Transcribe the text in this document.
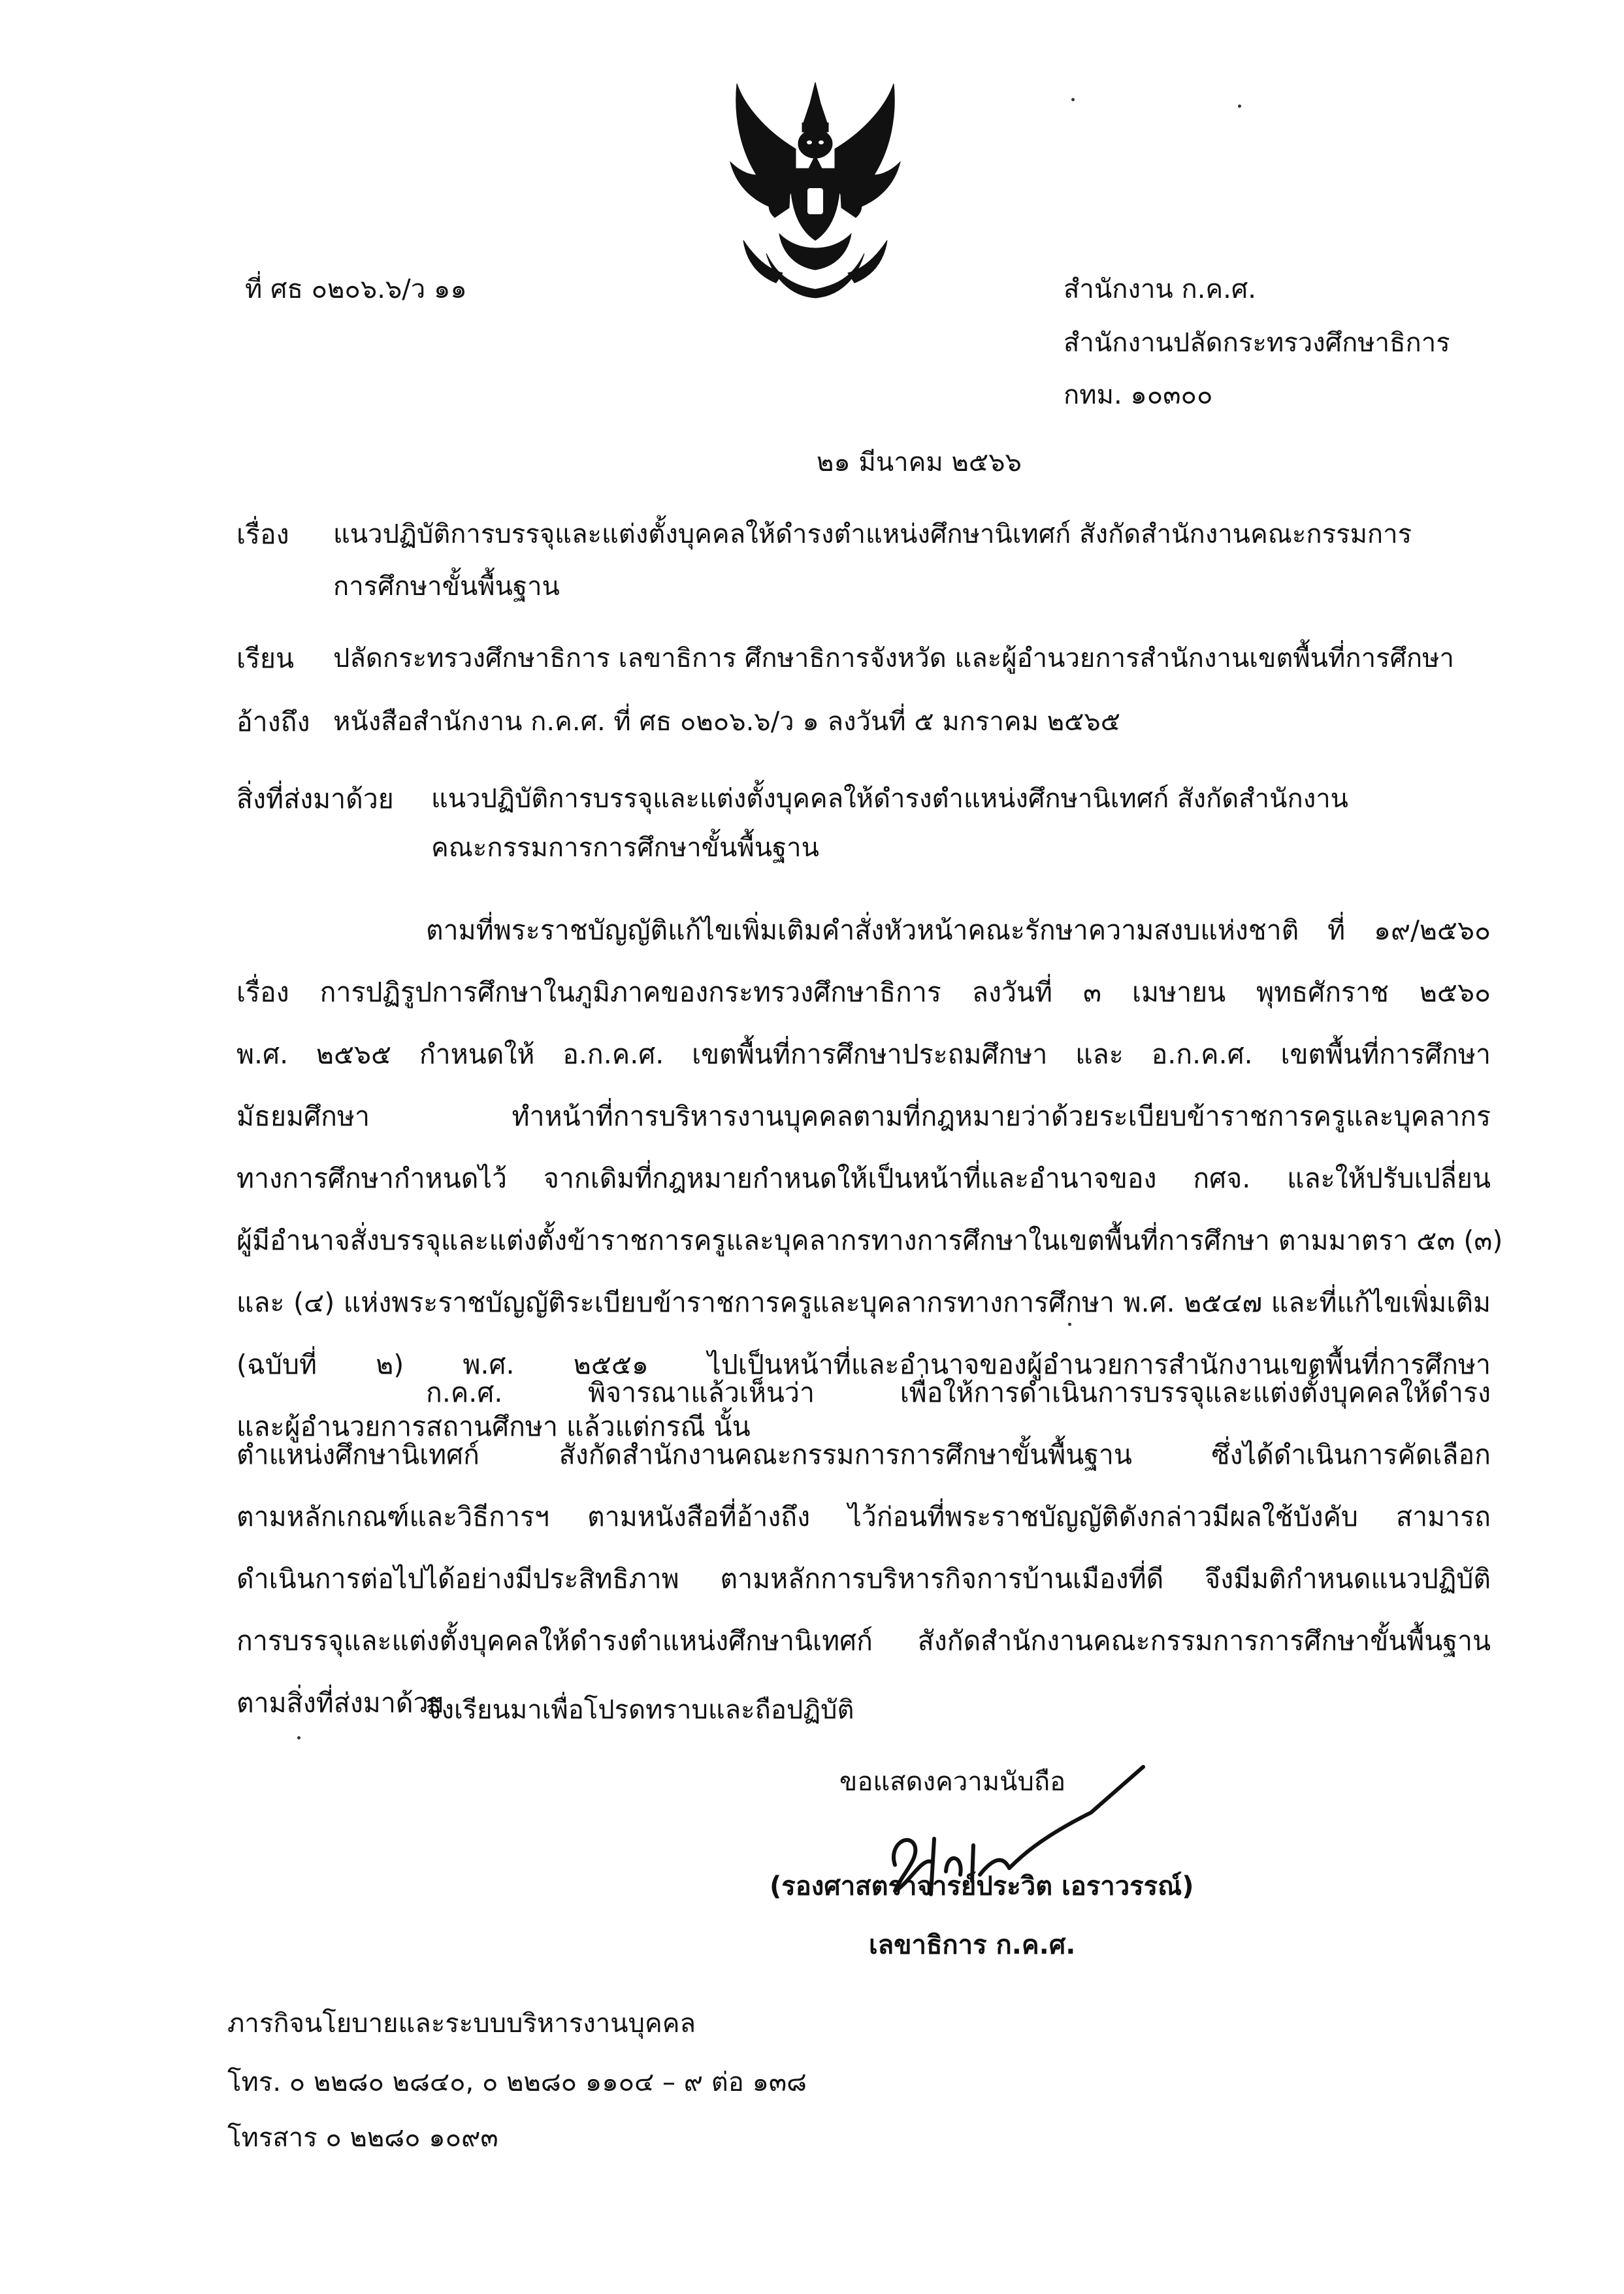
ที่ ศธ ๐๒๐๖.๖/ว ๑๑	สำนักงาน ก.ค.ศ.
สำนักงานปลัดกระทรวงศึกษาธิการ
กทม. ๑๐๓๐๐
๒๑ มีนาคม ๒๕๖๖
เรื่อง แนวปฏิบัติการบรรจุและแต่งตั้งบุคคลให้ดำรงตำแหน่งศึกษานิเทศก์ สังกัดสำนักงานคณะกรรมการ
การศึกษาขั้นพื้นฐาน
เรียน ปลัดกระทรวงศึกษาธิการ เลขาธิการ ศึกษาธิการจังหวัด และผู้อำนวยการสำนักงานเขตพื้นที่การศึกษา
อ้างถึง หนังสือสำนักงาน ก.ค.ศ. ที่ ศธ ๐๒๐๖.๖/ว ๑ ลงวันที่ ๕ มกราคม ๒๕๖๕
สิ่งที่ส่งมาด้วย แนวปฏิบัติการบรรจุและแต่งตั้งบุคคลให้ดำรงตำแหน่งศึกษานิเทศก์ สังกัดสำนักงาน
คณะกรรมการการศึกษาขั้นพื้นฐาน
ตามที่พระราชบัญญัติแก้ไขเพิ่มเติมคำสั่งหัวหน้าคณะรักษาความสงบแห่งชาติ ที่ ๑๙/๒๕๖๐
เรื่อง การปฏิรูปการศึกษาในภูมิภาคของกระทรวงศึกษาธิการ ลงวันที่ ๓ เมษายน พุทธศักราช ๒๕๖๐
พ.ศ. ๒๕๖๕ กำหนดให้ อ.ก.ค.ศ. เขตพื้นที่การศึกษาประถมศึกษา และ อ.ก.ค.ศ. เขตพื้นที่การศึกษา
มัธยมศึกษา ทำหน้าที่การบริหารงานบุคคลตามที่กฎหมายว่าด้วยระเบียบข้าราชการครูและบุคลากร
ทางการศึกษากำหนดไว้ จากเดิมที่กฎหมายกำหนดให้เป็นหน้าที่และอำนาจของ กศจ. และให้ปรับเปลี่ยน
ผู้มีอำนาจสั่งบรรจุและแต่งตั้งข้าราชการครูและบุคลากรทางการศึกษาในเขตพื้นที่การศึกษา ตามมาตรา ๕๓ (๓)
และ (๔) แห่งพระราชบัญญัติระเบียบข้าราชการครูและบุคลากรทางการศึกษา พ.ศ. ๒๕๔๗ และที่แก้ไขเพิ่มเติม
(ฉบับที่ ๒) พ.ศ. ๒๕๕๑ ไปเป็นหน้าที่และอำนาจของผู้อำนวยการสำนักงานเขตพื้นที่การศึกษา
และผู้อำนวยการสถานศึกษา แล้วแต่กรณี นั้น
ก.ค.ศ. พิจารณาแล้วเห็นว่า เพื่อให้การดำเนินการบรรจุและแต่งตั้งบุคคลให้ดำรง
ตำแหน่งศึกษานิเทศก์ สังกัดสำนักงานคณะกรรมการการศึกษาขั้นพื้นฐาน ซึ่งได้ดำเนินการคัดเลือก
ตามหลักเกณฑ์และวิธีการฯ ตามหนังสือที่อ้างถึง ไว้ก่อนที่พระราชบัญญัติดังกล่าวมีผลใช้บังคับ สามารถ
ดำเนินการต่อไปได้อย่างมีประสิทธิภาพ ตามหลักการบริหารกิจการบ้านเมืองที่ดี จึงมีมติกำหนดแนวปฏิบัติ
การบรรจุและแต่งตั้งบุคคลให้ดำรงตำแหน่งศึกษานิเทศก์ สังกัดสำนักงานคณะกรรมการการศึกษาขั้นพื้นฐาน
ตามสิ่งที่ส่งมาด้วย
จึงเรียนมาเพื่อโปรดทราบและถือปฏิบัติ
ขอแสดงความนับถือ
(รองศาสตราจารย์ประวิต เอราวรรณ์)
เลขาธิการ ก.ค.ศ.
ภารกิจนโยบายและระบบบริหารงานบุคคล
โทร. ๐ ๒๒๘๐ ๒๘๔๐, ๐ ๒๒๘๐ ๑๑๐๔ – ๙ ต่อ ๑๓๘
โทรสาร ๐ ๒๒๘๐ ๑๐๙๓
